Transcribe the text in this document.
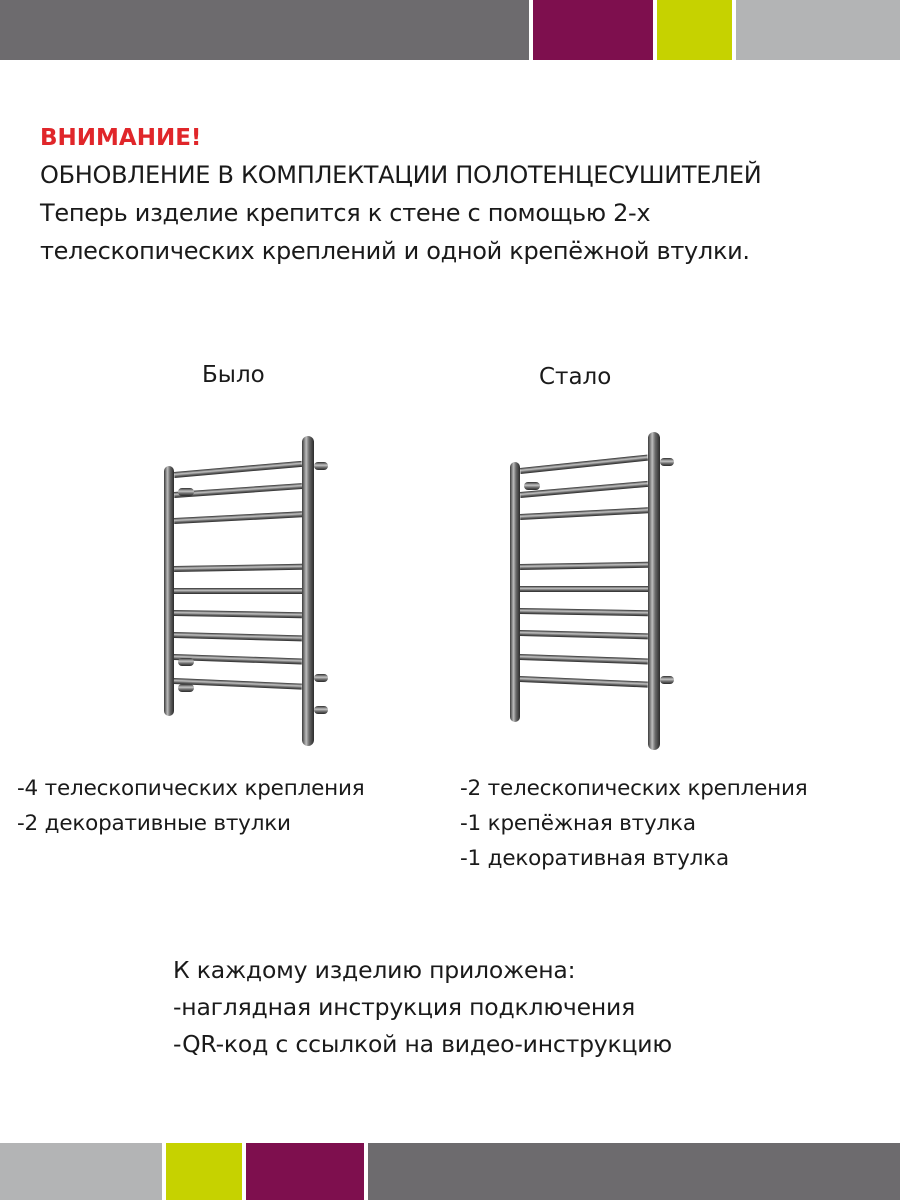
ВНИМАНИЕ!
ОБНОВЛЕНИЕ В КОМПЛЕКТАЦИИ ПОЛОТЕНЦЕСУШИТЕЛЕЙ
Теперь изделие крепится к стене с помощью 2-х
телескопических креплений и одной крепёжной втулки.
Было	Стало
-4 телескопических крепления
-2 декоративные втулки
-2 телескопических крепления
-1 крепёжная втулка
-1 декоративная втулка
К каждому изделию приложена:
-наглядная инструкция подключения
-QR-код с ссылкой на видео-инструкцию
